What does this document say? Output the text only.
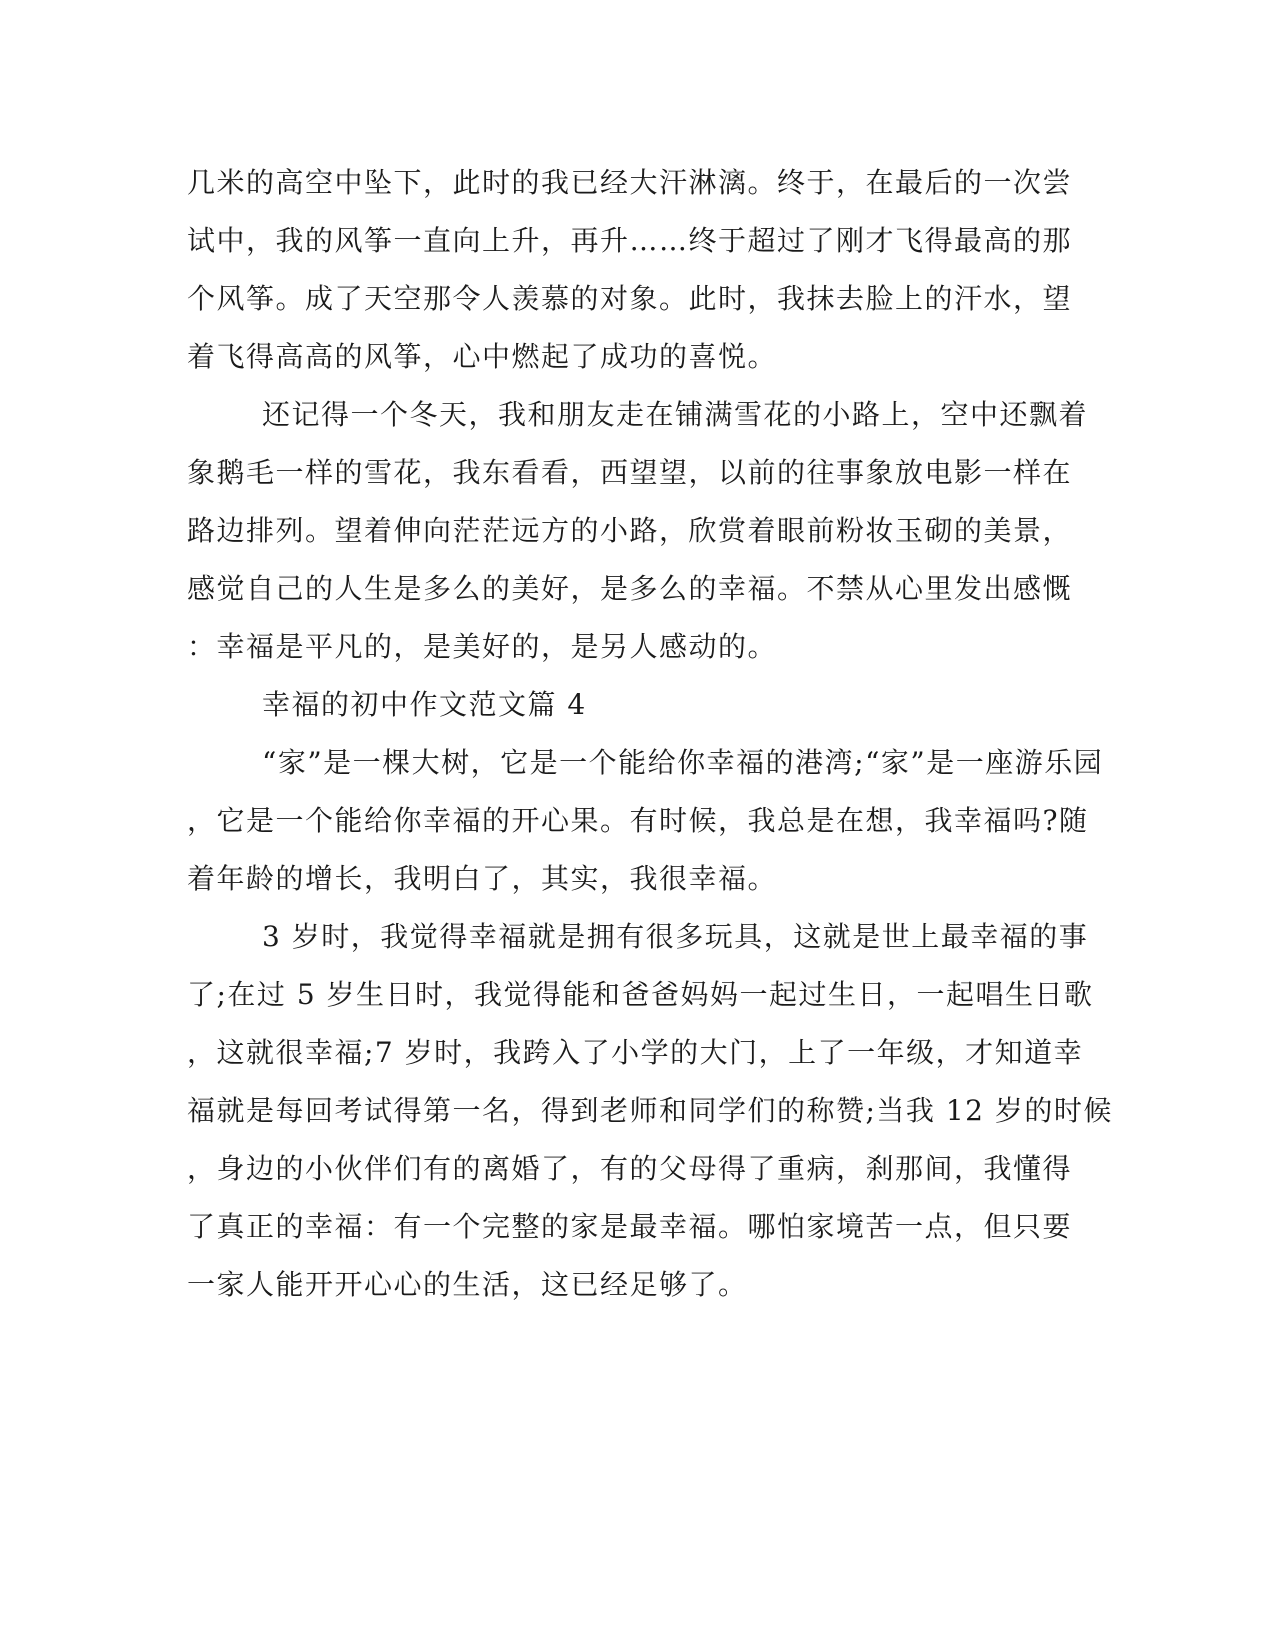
几米的高空中坠下，此时的我已经大汗淋漓。终于，在最后的一次尝

试中，我的风筝一直向上升，再升……终于超过了刚才飞得最高的那

个风筝。成了天空那令人羡慕的对象。此时，我抹去脸上的汗水，望

着飞得高高的风筝，心中燃起了成功的喜悦。

还记得一个冬天，我和朋友走在铺满雪花的小路上，空中还飘着

象鹅毛一样的雪花，我东看看，西望望，以前的往事象放电影一样在

路边排列。望着伸向茫茫远方的小路，欣赏着眼前粉妆玉砌的美景，

感觉自己的人生是多么的美好，是多么的幸福。不禁从心里发出感慨

：幸福是平凡的，是美好的，是另人感动的。

幸福的初中作文范文篇 4

“家”是一棵大树，它是一个能给你幸福的港湾;“家”是一座游乐园

，它是一个能给你幸福的开心果。有时候，我总是在想，我幸福吗?随

着年龄的增长，我明白了，其实，我很幸福。

3 岁时，我觉得幸福就是拥有很多玩具，这就是世上最幸福的事

了;在过 5 岁生日时，我觉得能和爸爸妈妈一起过生日，一起唱生日歌

，这就很幸福;7 岁时，我跨入了小学的大门，上了一年级，才知道幸

福就是每回考试得第一名，得到老师和同学们的称赞;当我 12 岁的时候

，身边的小伙伴们有的离婚了，有的父母得了重病，刹那间，我懂得

了真正的幸福：有一个完整的家是最幸福。哪怕家境苦一点，但只要

一家人能开开心心的生活，这已经足够了。
